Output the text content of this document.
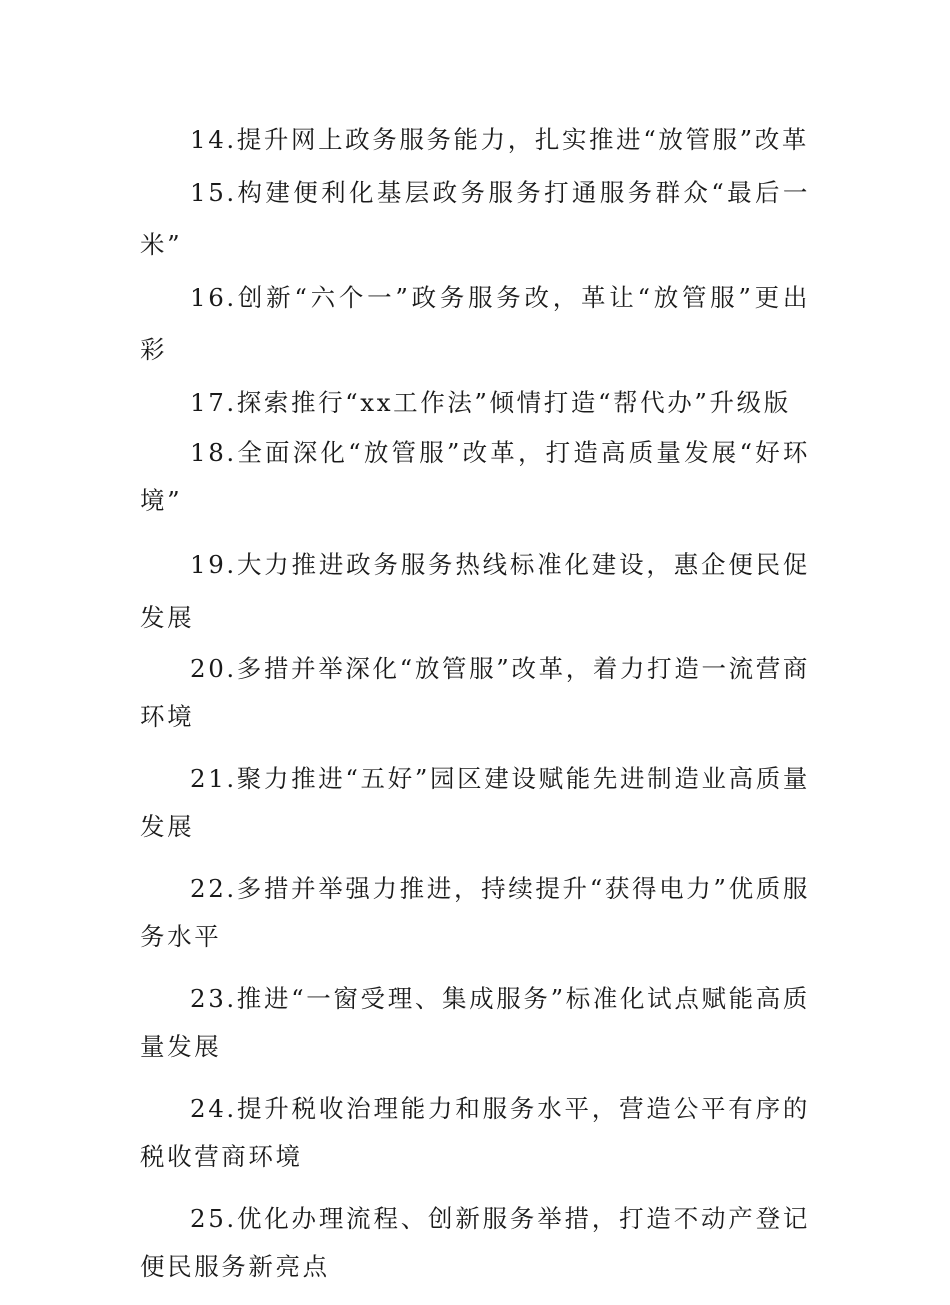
14.提升网上政务服务能力，扎实推进“放管服”改革

15.构建便利化基层政务服务打通服务群众“最后一米”

16.创新“六个一”政务服务改，革让“放管服”更出彩

17.探索推行“xx工作法”倾情打造“帮代办”升级版

18.全面深化“放管服”改革，打造高质量发展“好环境”

19.大力推进政务服务热线标准化建设，惠企便民促发展

20.多措并举深化“放管服”改革，着力打造一流营商环境

21.聚力推进“五好”园区建设赋能先进制造业高质量发展

22.多措并举强力推进，持续提升“获得电力”优质服务水平

23.推进“一窗受理、集成服务”标准化试点赋能高质量发展

24.提升税收治理能力和服务水平，营造公平有序的税收营商环境

25.优化办理流程、创新服务举措，打造不动产登记便民服务新亮点
